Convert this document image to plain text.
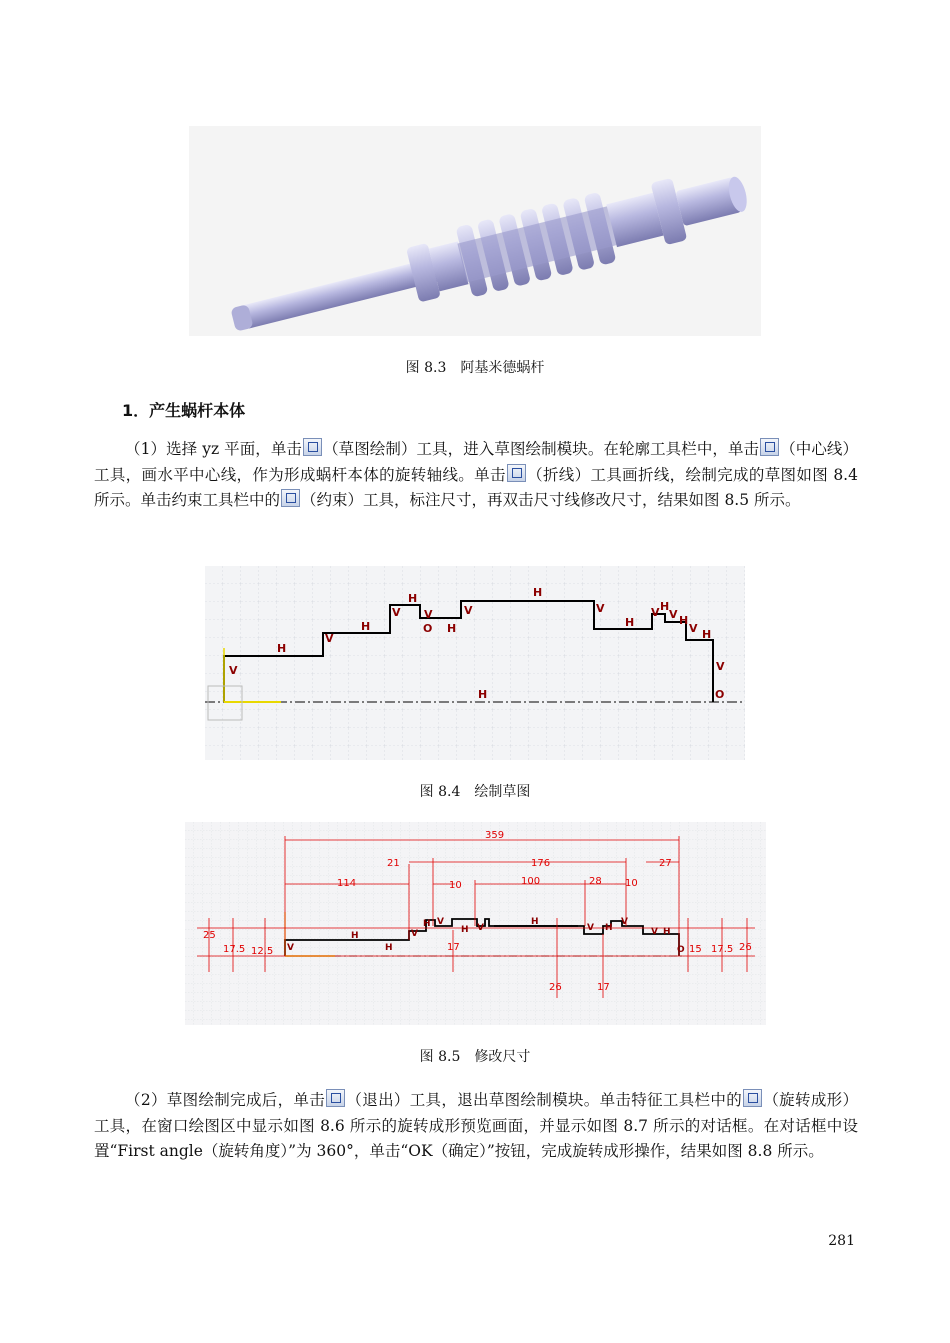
图 8.3　阿基米德蜗杆
1．产生蜗杆本体

（1）选择 yz 平面，单击 （草图绘制）工具，进入草图绘制模块。在轮廓工具栏中，单击 （中心线）工具，画水平中心线，作为形成蜗杆本体的旋转轴线。单击 （折线）工具画折线，绘制完成的草图如图 8.4 所示。单击约束工具栏中的 （约束）工具，标注尺寸，再双击尺寸线修改尺寸，结果如图 8.5 所示。

H
V
V
H
V
H
V
O H
V
H
V
H
V H
V H
V H
V
O
H
图 8.4　绘制草图
359
21	176	27
114	10	100	28 10
25
17.5 12.5	17
26	17
15 17.5 26
H
H
V
V
H V
H V
H
V H
V
V H
O
图 8.5　修改尺寸

（2）草图绘制完成后，单击 （退出）工具，退出草图绘制模块。单击特征工具栏中的 （旋转成形）工具，在窗口绘图区中显示如图 8.6 所示的旋转成形预览画面，并显示如图 8.7 所示的对话框。在对话框中设置“First angle（旋转角度）”为 360°，单击“OK（确定）”按钮，完成旋转成形操作，结果如图 8.8 所示。

281
